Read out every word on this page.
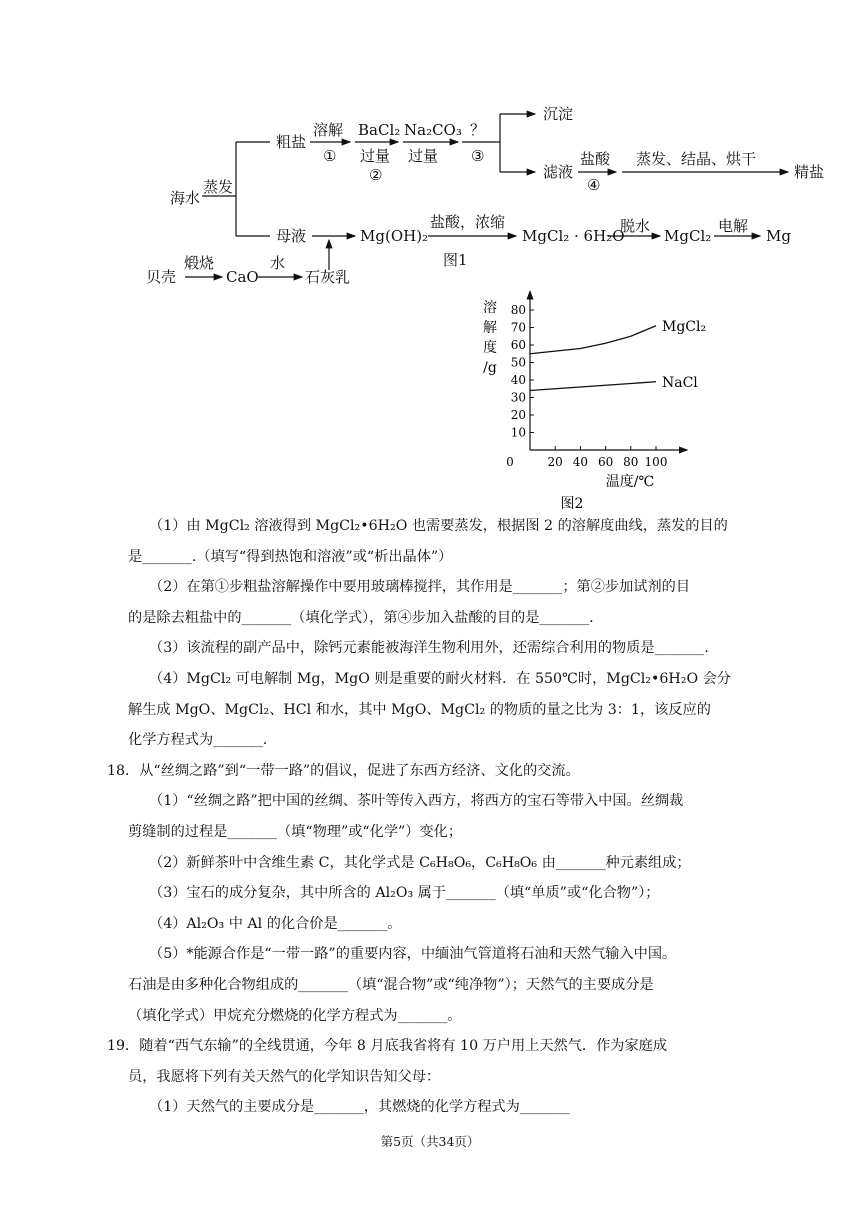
海水
蒸发
粗盐
溶解
①
BaCl₂
过量
②
Na₂CO₃
过量
？
③
沉淀
滤液
盐酸
④
蒸发、结晶、烘干
精盐
母液	Mg(OH)₂
盐酸，浓缩
MgCl₂ · 6H₂O
脱水
MgCl₂
电解
Mg
贝壳
煅烧
CaO
水
石灰乳
图1
10
20
30
40
50
60
70
80
20 40 60 80 100
0
溶
解
度
/g
温度/℃
图2
MgCl₂
NaCl
（1）由 MgCl₂ 溶液得到 MgCl₂•6H₂O 也需要蒸发，根据图 2 的溶解度曲线，蒸发的目的
是_______.（填写“得到热饱和溶液”或“析出晶体”）
（2）在第①步粗盐溶解操作中要用玻璃棒搅拌，其作用是_______；第②步加试剂的目
的是除去粗盐中的_______（填化学式），第④步加入盐酸的目的是_______.
（3）该流程的副产品中，除钙元素能被海洋生物利用外，还需综合利用的物质是_______.
（4）MgCl₂ 可电解制 Mg，MgO 则是重要的耐火材料．在 550℃时，MgCl₂•6H₂O 会分
解生成 MgO、MgCl₂、HCl 和水，其中 MgO、MgCl₂ 的物质的量之比为 3：1，该反应的
化学方程式为_______.
18．从“丝绸之路”到“一带一路”的倡议，促进了东西方经济、文化的交流。
（1）“丝绸之路”把中国的丝绸、茶叶等传入西方，将西方的宝石等带入中国。丝绸裁
剪缝制的过程是_______（填“物理”或“化学”）变化；
（2）新鲜茶叶中含维生素 C，其化学式是 C₆H₈O₆，C₆H₈O₆ 由_______种元素组成；
（3）宝石的成分复杂，其中所含的 Al₂O₃ 属于_______（填“单质”或“化合物”）；
（4）Al₂O₃ 中 Al 的化合价是_______。
（5）*能源合作是“一带一路”的重要内容，中缅油气管道将石油和天然气输入中国。
石油是由多种化合物组成的_______（填“混合物”或“纯净物”）；天然气的主要成分是
（填化学式）甲烷充分燃烧的化学方程式为_______。
19．随着“西气东输”的全线贯通，今年 8 月底我省将有 10 万户用上天然气．作为家庭成
员，我愿将下列有关天然气的化学知识告知父母：
（1）天然气的主要成分是_______，其燃烧的化学方程式为_______
第5页（共34页）
